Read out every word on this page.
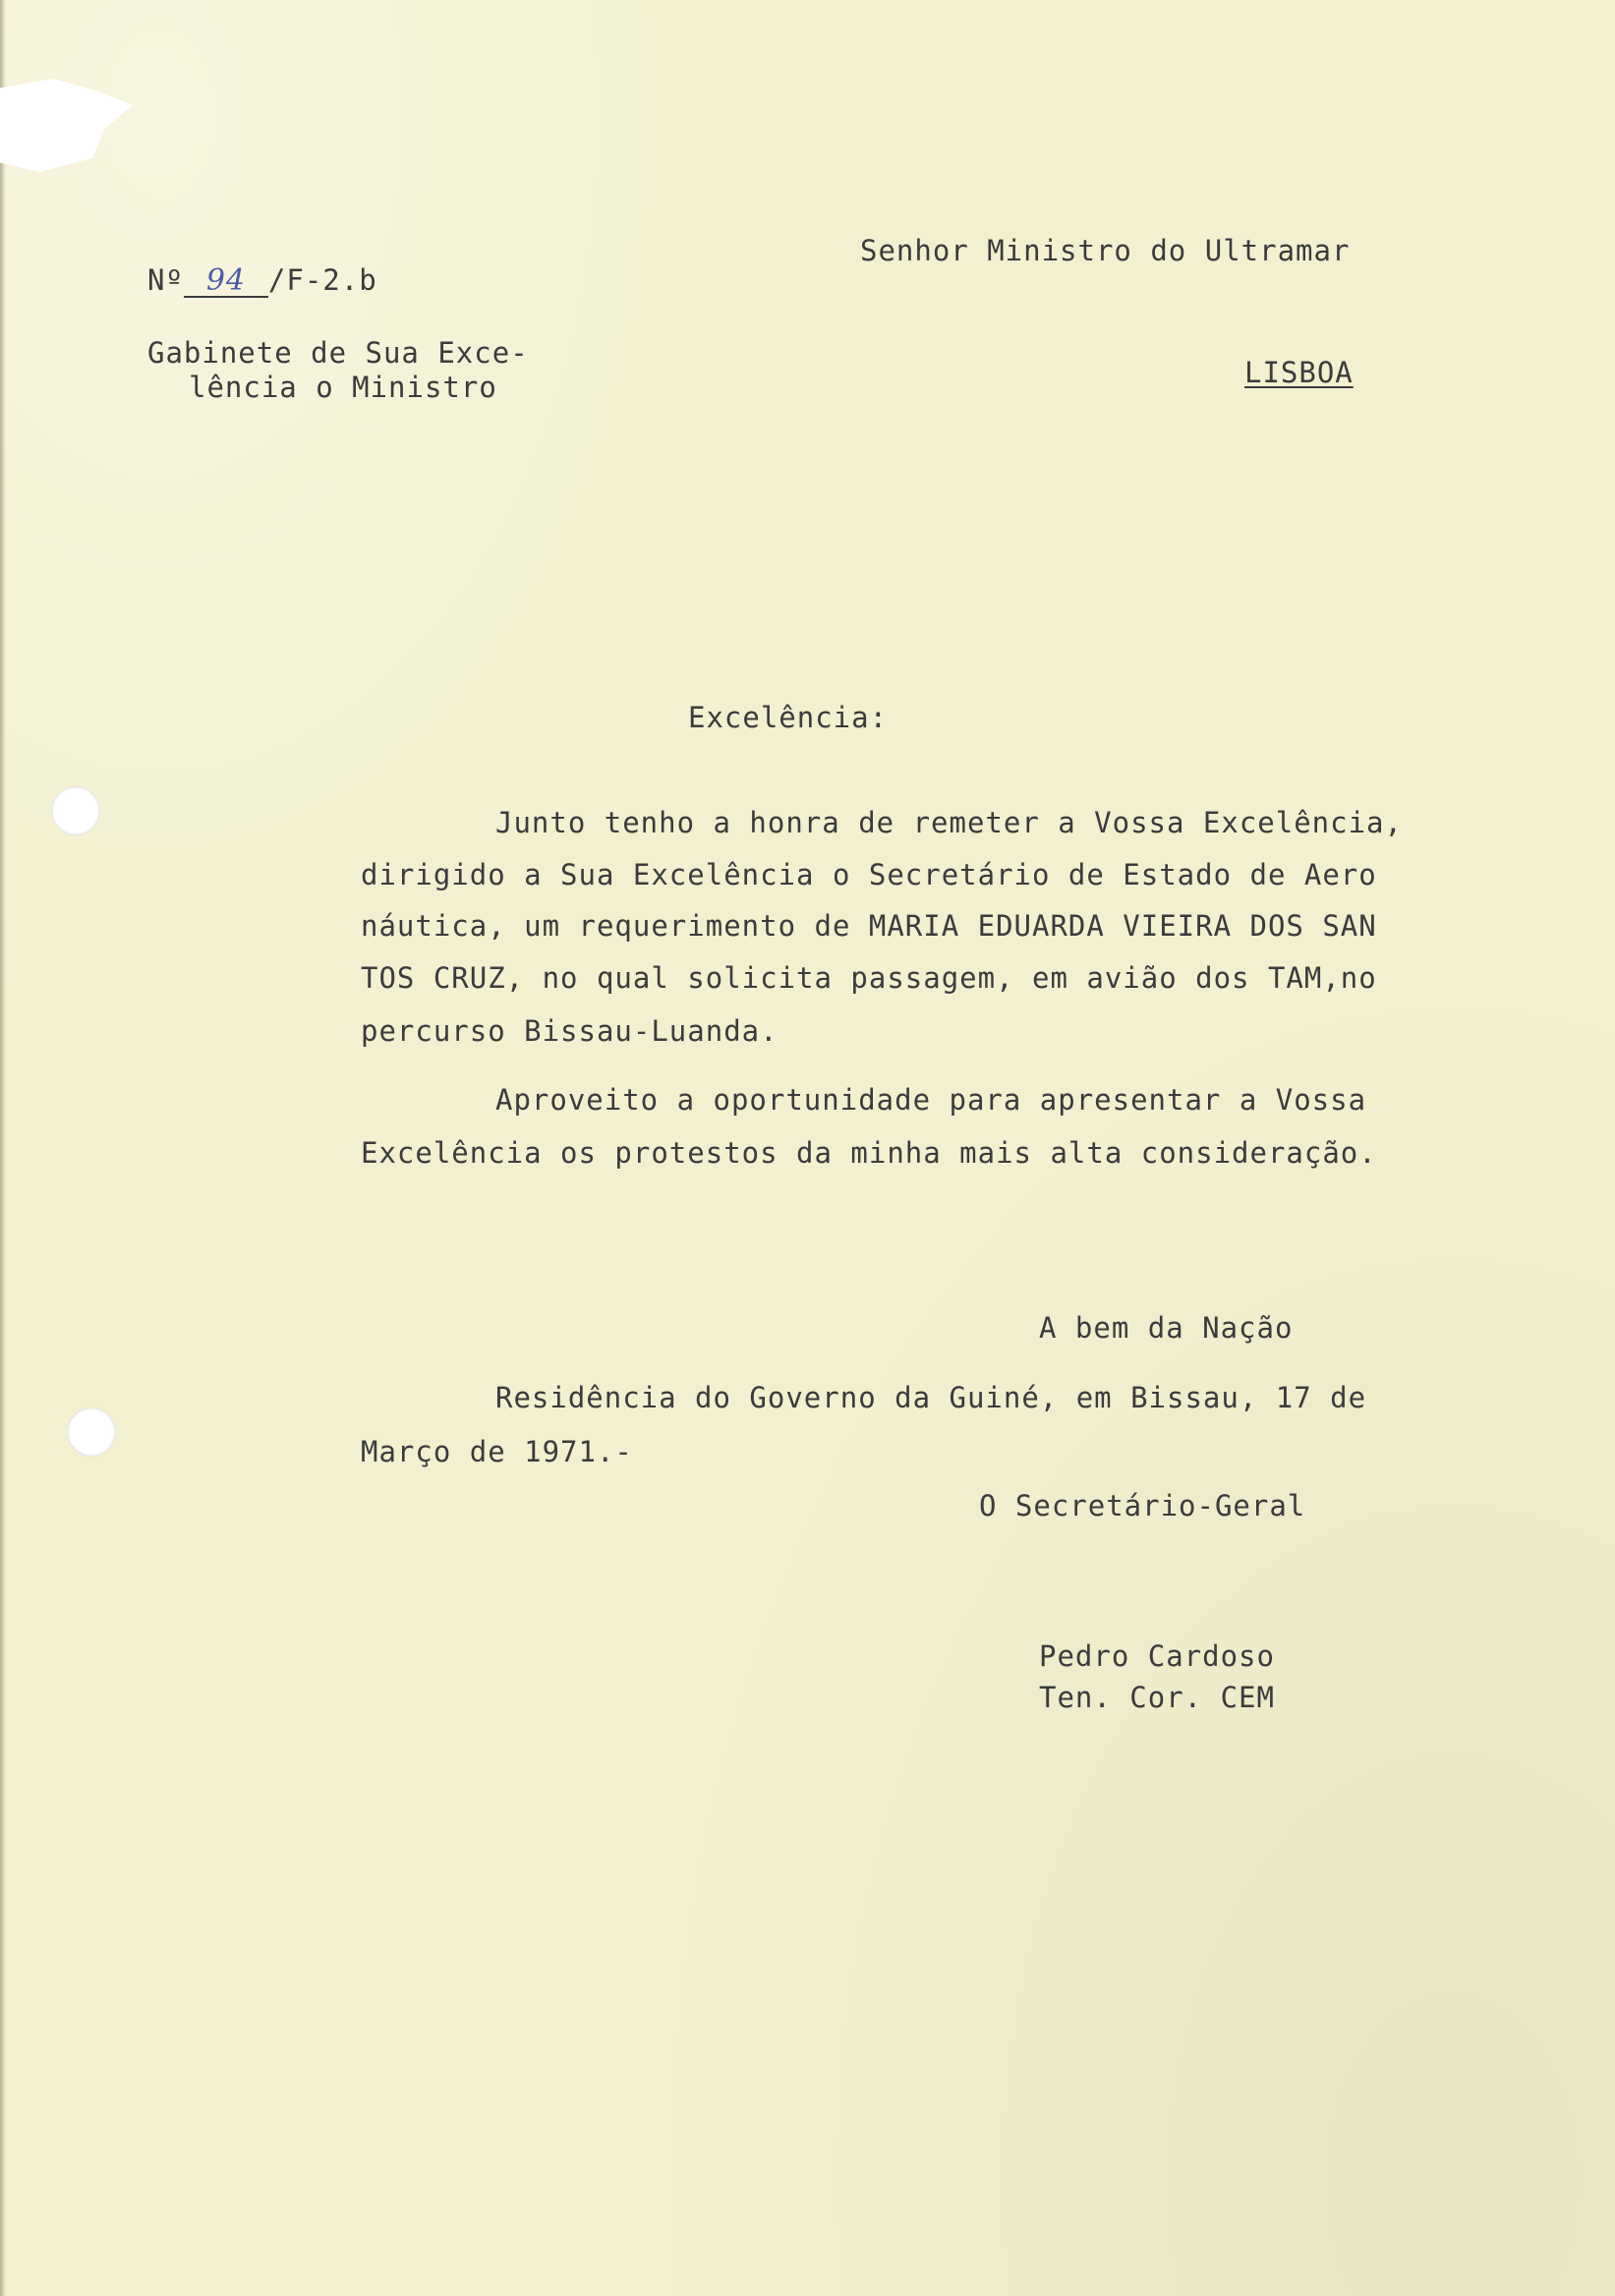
Nº 94 /F-2.b
Senhor Ministro do Ultramar
Gabinete de Sua Exce-
lência o Ministro	LISBOA
Excelência:
Junto tenho a honra de remeter a Vossa Excelência,
dirigido a Sua Excelência o Secretário de Estado de Aero
náutica, um requerimento de MARIA EDUARDA VIEIRA DOS SAN
TOS CRUZ, no qual solicita passagem, em avião dos TAM,no
percurso Bissau-Luanda.
Aproveito a oportunidade para apresentar a Vossa
Excelência os protestos da minha mais alta consideração.
A bem da Nação
Residência do Governo da Guiné, em Bissau, 17 de
Março de 1971.-
O Secretário-Geral
Pedro Cardoso
Ten. Cor. CEM
